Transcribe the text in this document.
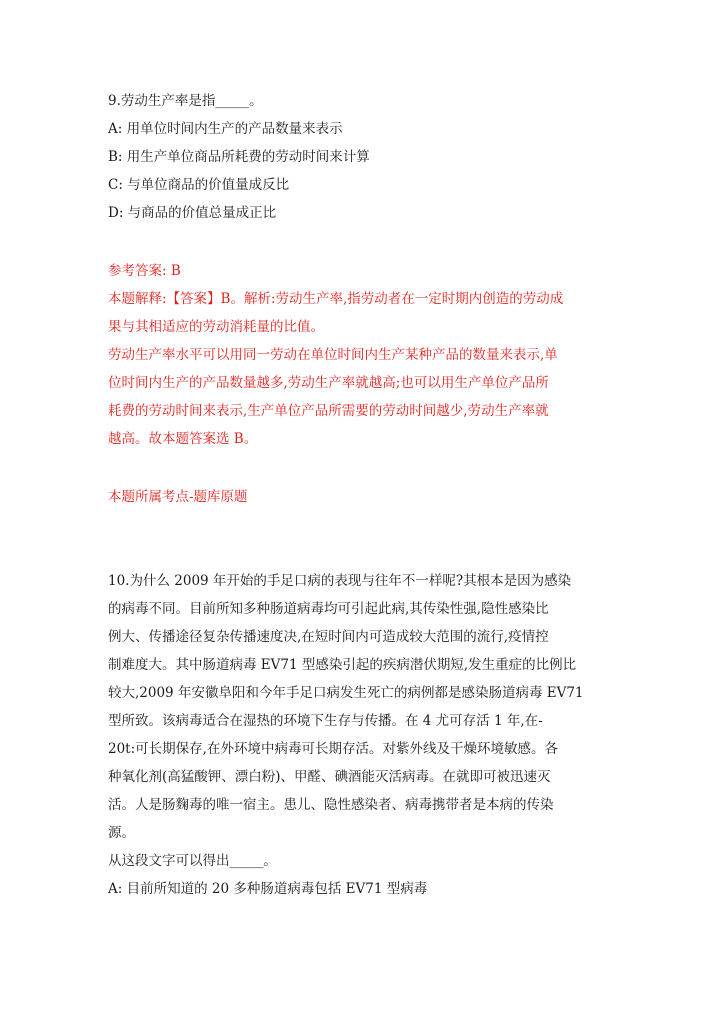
9.劳动生产率是指_____。
A: 用单位时间内生产的产品数量来表示
B: 用生产单位商品所耗费的劳动时间来计算
C: 与单位商品的价值量成反比
D: 与商品的价值总量成正比
参考答案: B
本题解释:【答案】B。解析:劳动生产率,指劳动者在一定时期内创造的劳动成
果与其相适应的劳动消耗量的比值。
劳动生产率水平可以用同一劳动在单位时间内生产某种产品的数量来表示,单
位时间内生产的产品数量越多,劳动生产率就越高;也可以用生产单位产品所
耗费的劳动时间来表示,生产单位产品所需要的劳动时间越少,劳动生产率就
越高。故本题答案选 B。
本题所属考点-题库原题
10.为什么 2009 年开始的手足口病的表现与往年不一样呢?其根本是因为感染
的病毒不同。目前所知多种肠道病毒均可引起此病,其传染性强,隐性感染比
例大、传播途径复杂传播速度决,在短时间内可造成较大范围的流行,疫情控
制难度大。其中肠道病毒 EV71 型感染引起的疾病潜伏期短,发生重症的比例比
较大,2009 年安徽阜阳和今年手足口病发生死亡的病例都是感染肠道病毒 EV71
型所致。该病毒适合在湿热的环境下生存与传播。在 4 尤可存活 1 年,在-
20t:可长期保存,在外环境中病毒可长期存活。对紫外线及干燥环境敏感。各
种氧化剂(高猛酸钾、漂白粉)、甲醛、碘酒能灭活病毒。在就即可被迅速灭
活。人是肠麴毒的唯一宿主。患儿、隐性感染者、病毒携带者是本病的传染
源。
从这段文字可以得出_____。
A: 目前所知道的 20 多种肠道病毒包括 EV71 型病毒
